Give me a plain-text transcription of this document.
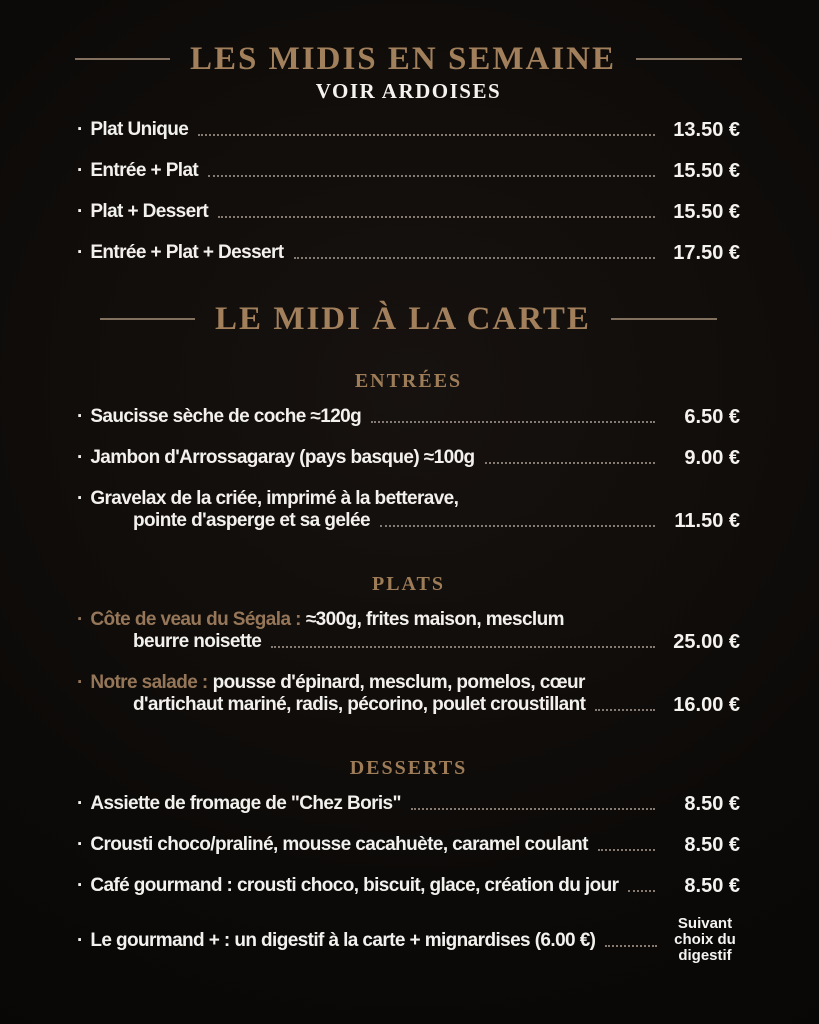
LES MIDIS EN SEMAINE
VOIR ARDOISES
·
Plat Unique	13.50 €
·
Entrée + Plat	15.50 €
·
Plat + Dessert	15.50 €
·
Entrée + Plat + Dessert	17.50 €
LE MIDI À LA CARTE
ENTRÉES
·
Saucisse sèche de coche ≈120g	6.50 €
·
Jambon d'Arrossagaray (pays basque) ≈100g	9.00 €
·
Gravelax de la criée, imprimé à la betterave,
pointe d'asperge et sa gelée	11.50 €
PLATS
·
Côte de veau du Ségala : ≈300g, frites maison, mesclum
beurre noisette	25.00 €
·
Notre salade : pousse d'épinard, mesclum, pomelos, cœur
d'artichaut mariné, radis, pécorino, poulet croustillant	16.00 €
DESSERTS
·
Assiette de fromage de "Chez Boris"	8.50 €
·
Crousti choco/praliné, mousse cacahuète, caramel coulant	8.50 €
·
Café gourmand : crousti choco, biscuit, glace, création du jour	8.50 €
·
Le gourmand + : un digestif à la carte + mignardises (6.00 €)
Suivant choix du digestif
